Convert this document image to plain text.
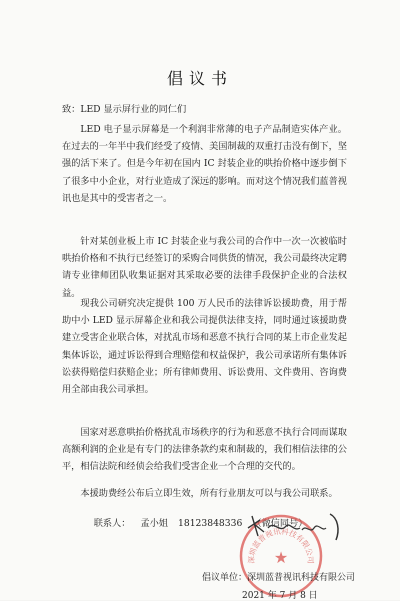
倡议书
致：LED 显示屏行业的同仁们

LED 电子显示屏幕是一个利润非常薄的电子产品制造实体产业。在过去的一年半中我们经受了疫情、美国制裁的双重打击没有倒下，坚强的活下来了。但是今年初在国内 IC 封装企业的哄抬价格中逐步倒下了很多中小企业，对行业造成了深远的影响。而对这个情况我们蓝普视讯也是其中的受害者之一。

针对某创业板上市 IC 封装企业与我公司的合作中一次一次被临时哄抬价格和不执行已经签订的采购合同供货的情况，我公司最终决定聘请专业律师团队收集证据对其采取必要的法律手段保护企业的合法权益。

现我公司研究决定提供 100 万人民币的法律诉讼援助费，用于帮助中小 LED 显示屏幕企业和我公司提供法律支持，同时通过该援助费建立受害企业联合体，对扰乱市场和恶意不执行合同的某上市企业发起集体诉讼，通过诉讼得到合理赔偿和权益保护，我公司承诺所有集体诉讼获得赔偿归获赔企业；所有律师费用、诉讼费用、文件费用、咨询费用全部由我公司承担。

国家对恶意哄抬价格扰乱市场秩序的行为和恶意不执行合同而谋取高额利润的企业是有专门的法律条款约束和制裁的，我们相信法律的公平，相信法院和经侦会给我们受害企业一个合理的交代的。

本援助费经公布后立即生效，所有行业朋友可以与我公司联系。

联系人： 孟小姐 18123848336 （微信同号）

深圳蓝普视讯科技有限公司
★
倡议单位：深圳蓝普视讯科技有限公司
2021 年 7 月 8 日
